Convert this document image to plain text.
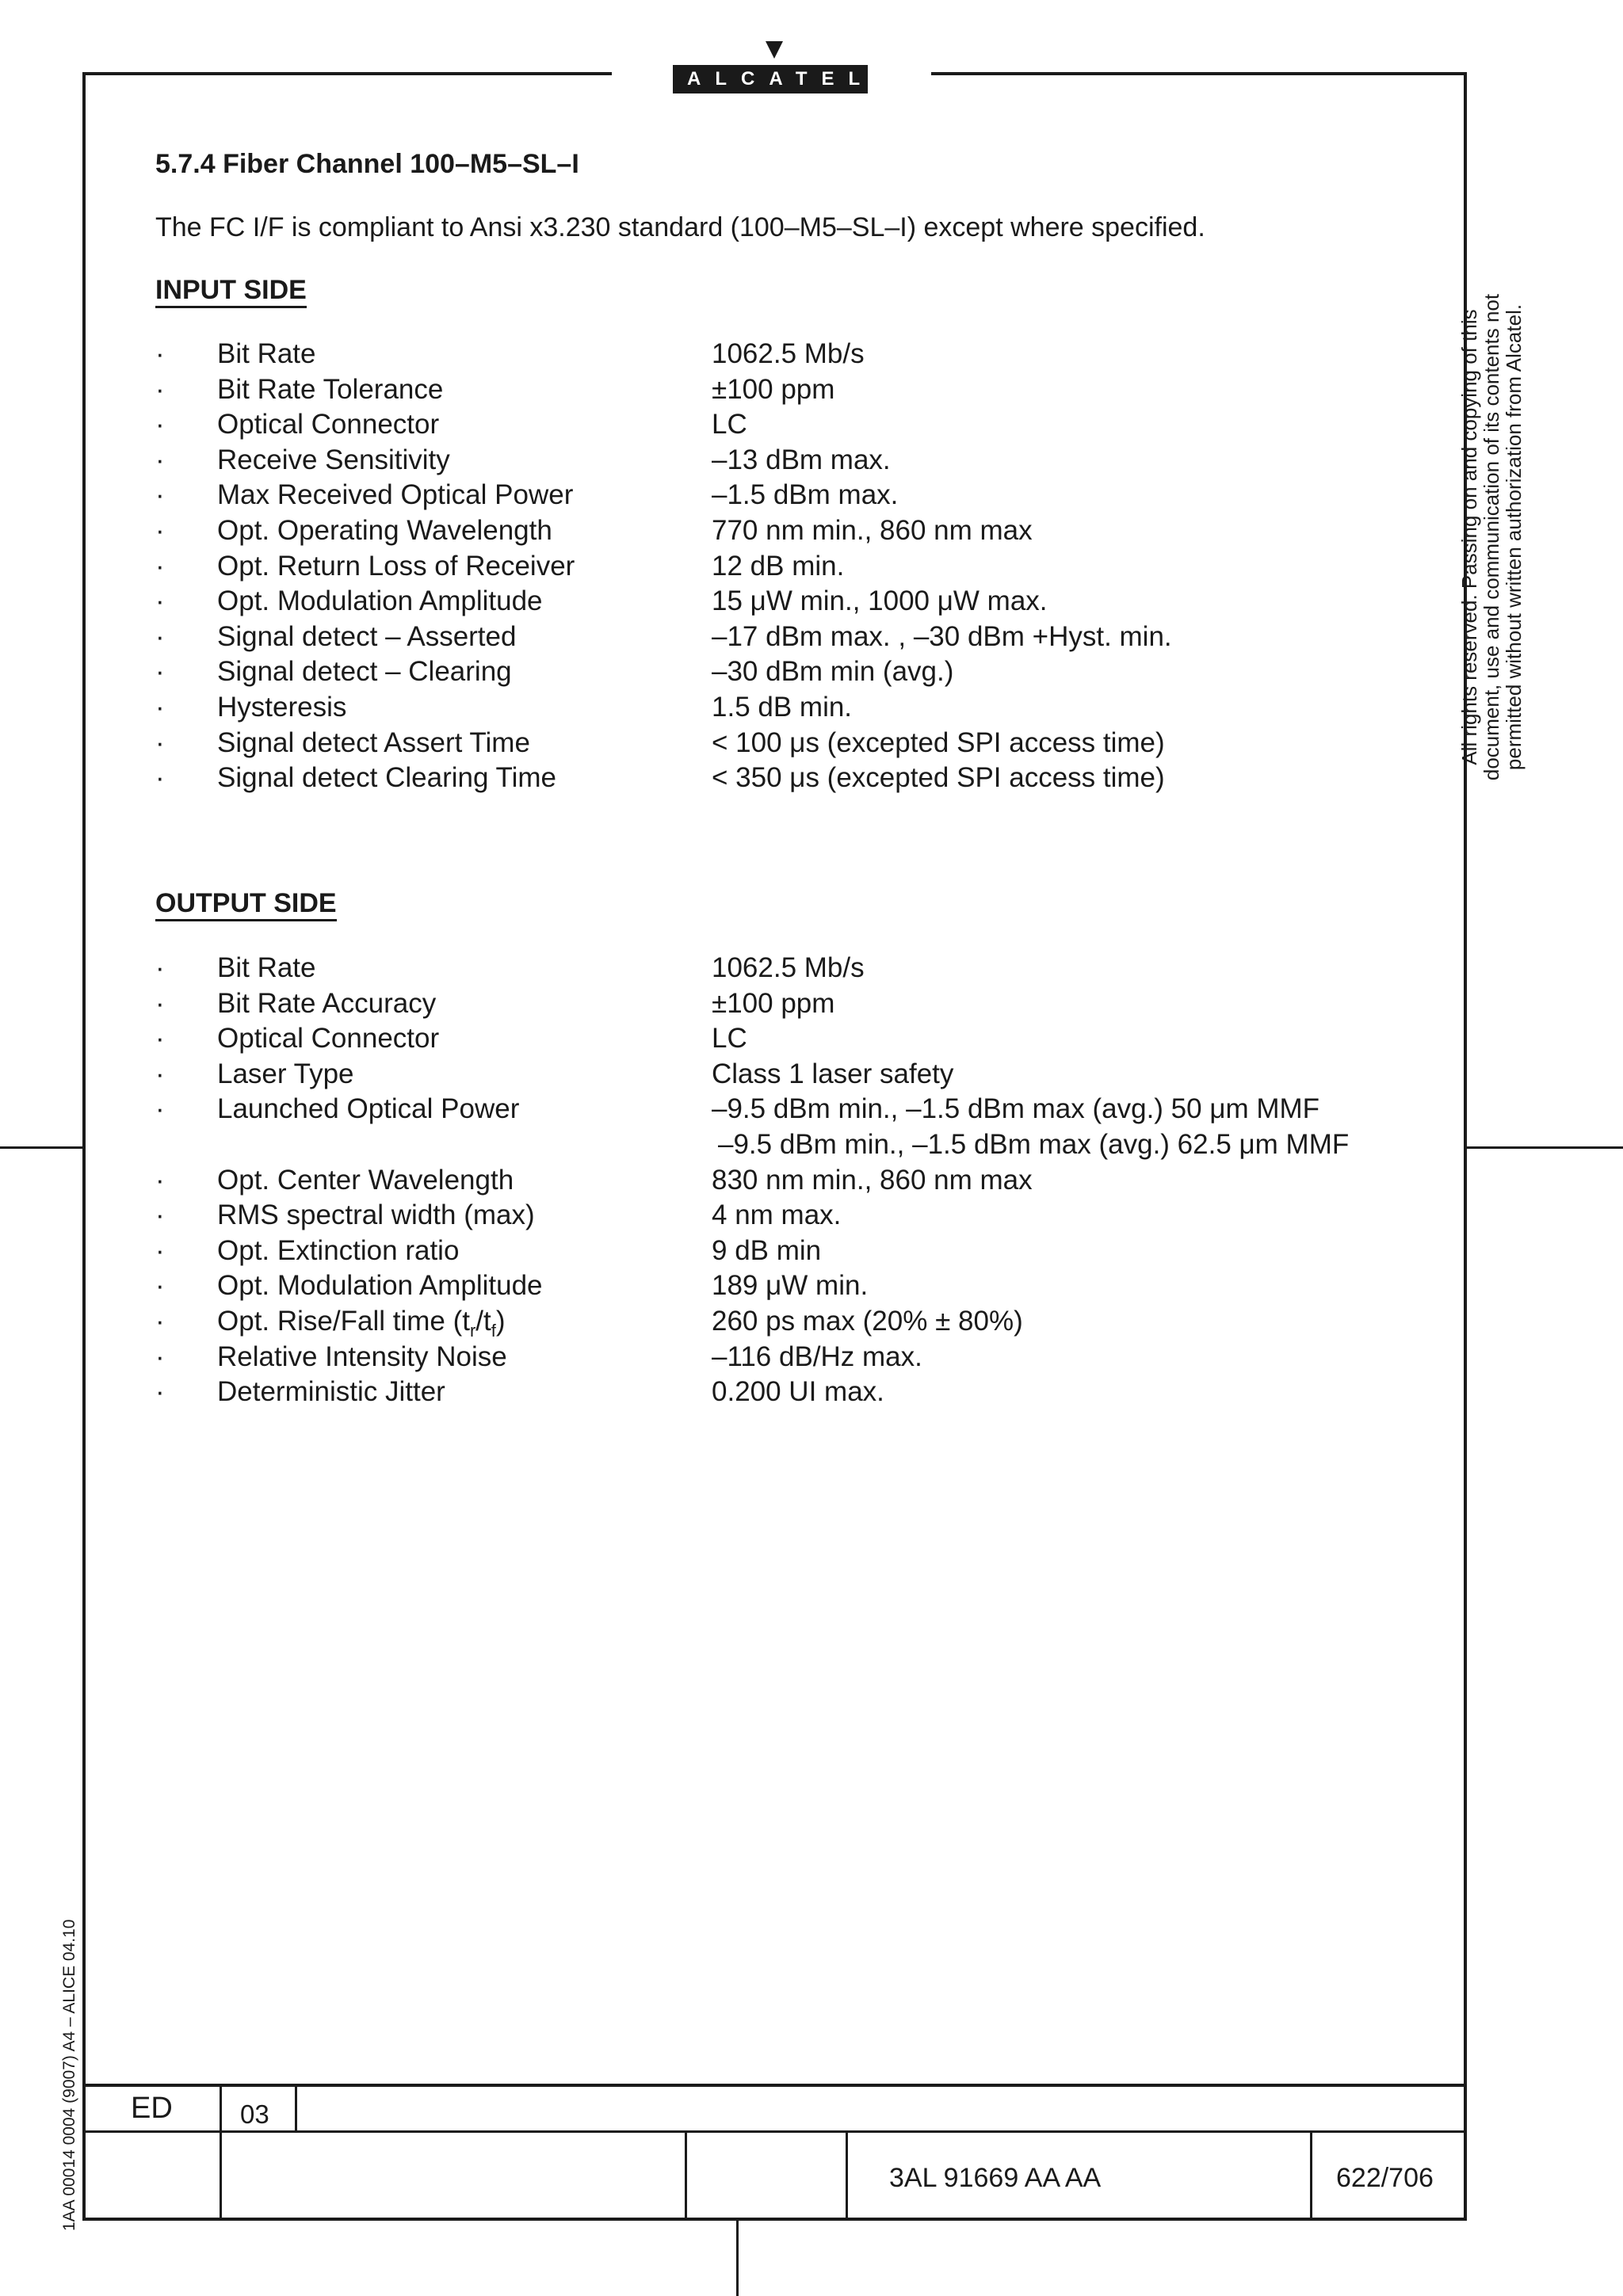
ALCATEL
5.7.4 Fiber Channel 100–M5–SL–I
The FC I/F is compliant to Ansi x3.230 standard (100–M5–SL–I) except where specified.
INPUT SIDE
· Bit Rate	1062.5 Mb/s
· Bit Rate Tolerance	±100 ppm
· Optical Connector	LC
· Receive Sensitivity	–13 dBm max.
· Max Received Optical Power	–1.5 dBm max.
· Opt. Operating Wavelength	770 nm min., 860 nm max
· Opt. Return Loss of Receiver	12 dB min.
· Opt. Modulation Amplitude	15 μW min., 1000 μW max.
· Signal detect – Asserted	–17 dBm max. , –30 dBm +Hyst. min.
· Signal detect – Clearing	–30 dBm min (avg.)
· Hysteresis	1.5 dB min.
· Signal detect Assert Time	< 100 μs (excepted SPI access time)
· Signal detect Clearing Time	< 350 μs (excepted SPI access time)
OUTPUT SIDE
· Bit Rate	1062.5 Mb/s
· Bit Rate Accuracy	±100 ppm
· Optical Connector	LC
· Laser Type	Class 1 laser safety
· Launched Optical Power	–9.5 dBm min., –1.5 dBm max (avg.) 50 μm MMF
–9.5 dBm min., –1.5 dBm max (avg.) 62.5 μm MMF
· Opt. Center Wavelength	830 nm min., 860 nm max
· RMS spectral width (max)	4 nm max.
· Opt. Extinction ratio	9 dB min
· Opt. Modulation Amplitude	189 μW min.
· Opt. Rise/Fall time $(t_r/t_f)$	260 ps max (20% ± 80%)
· Relative Intensity Noise	–116 dB/Hz max.
· Deterministic Jitter	0.200 UI max.
All rights reserved. Passing on and copying of this document, use and communication of its contents not permitted without written authorization from Alcatel.
1AA 00014 0004 (9007) A4 – ALICE 04.10 ED	03
3AL 91669 AA AA	622/706
